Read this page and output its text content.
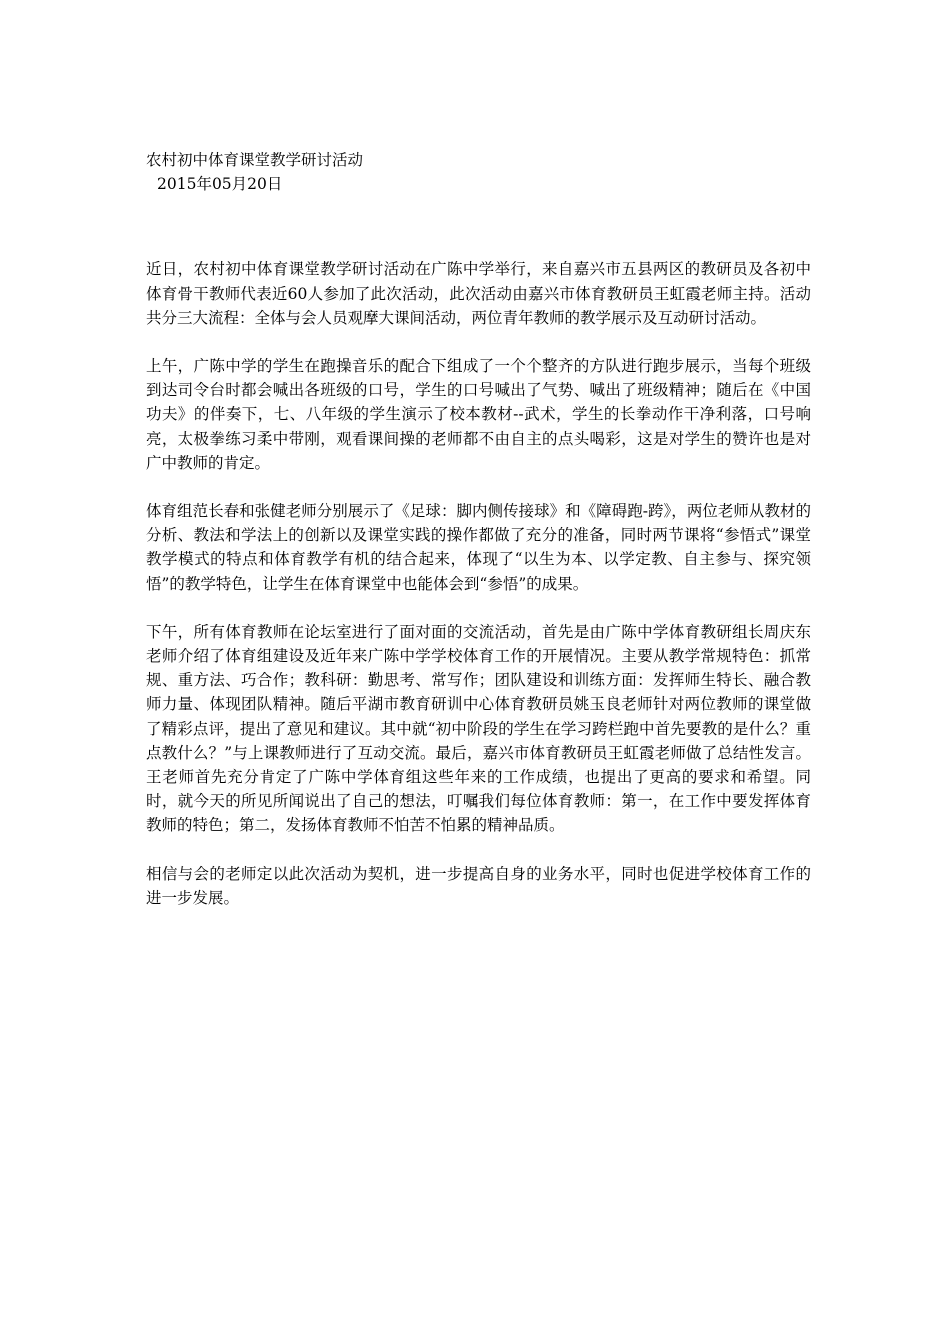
农村初中体育课堂教学研讨活动

2015年05月20日

近日，农村初中体育课堂教学研讨活动在广陈中学举行，来自嘉兴市五县两区的教研员及各初中体育骨干教师代表近60人参加了此次活动，此次活动由嘉兴市体育教研员王虹霞老师主持。活动共分三大流程：全体与会人员观摩大课间活动，两位青年教师的教学展示及互动研讨活动。

上午，广陈中学的学生在跑操音乐的配合下组成了一个个整齐的方队进行跑步展示，当每个班级到达司令台时都会喊出各班级的口号，学生的口号喊出了气势、喊出了班级精神；随后在《中国功夫》的伴奏下，七、八年级的学生演示了校本教材--武术，学生的长拳动作干净利落，口号响亮，太极拳练习柔中带刚，观看课间操的老师都不由自主的点头喝彩，这是对学生的赞许也是对广中教师的肯定。

体育组范长春和张健老师分别展示了《足球：脚内侧传接球》和《障碍跑-跨》，两位老师从教材的分析、教法和学法上的创新以及课堂实践的操作都做了充分的准备，同时两节课将“参悟式”课堂教学模式的特点和体育教学有机的结合起来，体现了“以生为本、以学定教、自主参与、探究领悟”的教学特色，让学生在体育课堂中也能体会到“参悟”的成果。

下午，所有体育教师在论坛室进行了面对面的交流活动，首先是由广陈中学体育教研组长周庆东老师介绍了体育组建设及近年来广陈中学学校体育工作的开展情况。主要从教学常规特色：抓常规、重方法、巧合作；教科研：勤思考、常写作；团队建设和训练方面：发挥师生特长、融合教师力量、体现团队精神。随后平湖市教育研训中心体育教研员姚玉良老师针对两位教师的课堂做了精彩点评，提出了意见和建议。其中就“初中阶段的学生在学习跨栏跑中首先要教的是什么？重点教什么？”与上课教师进行了互动交流。最后，嘉兴市体育教研员王虹霞老师做了总结性发言。王老师首先充分肯定了广陈中学体育组这些年来的工作成绩，也提出了更高的要求和希望。同时，就今天的所见所闻说出了自己的想法，叮嘱我们每位体育教师：第一，在工作中要发挥体育教师的特色；第二，发扬体育教师不怕苦不怕累的精神品质。

相信与会的老师定以此次活动为契机，进一步提高自身的业务水平，同时也促进学校体育工作的进一步发展。
